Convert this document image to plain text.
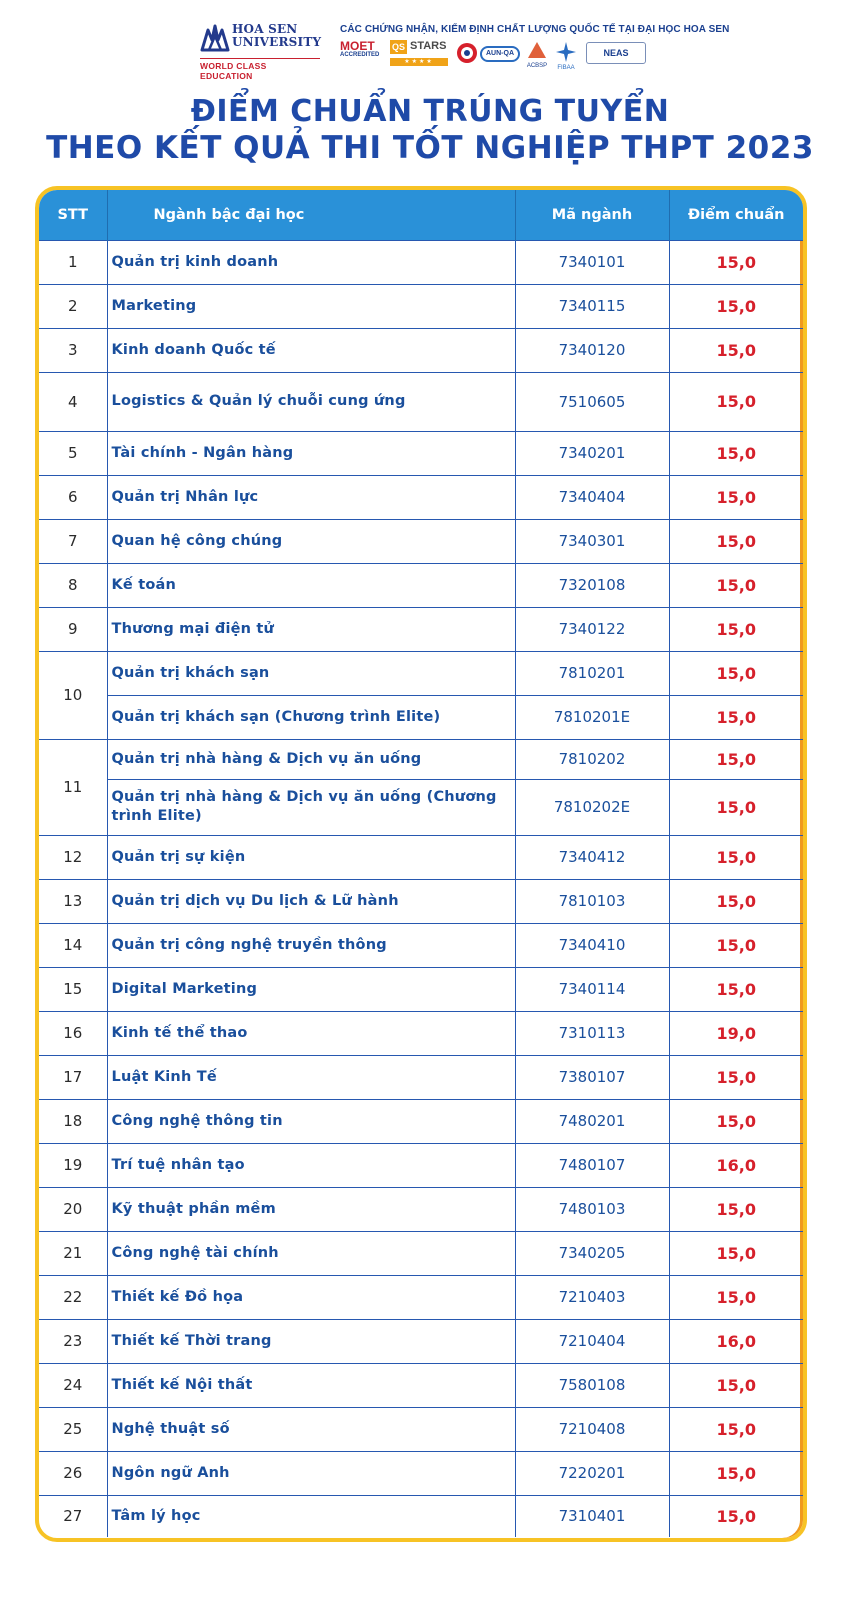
HOA SEN
UNIVERSITY
WORLD CLASS EDUCATION
CÁC CHỨNG NHẬN, KIỂM ĐỊNH CHẤT LƯỢNG QUỐC TẾ TẠI ĐẠI HỌC HOA SEN
MOET
ACCREDITED
QS STARS
★★★★
AUN-QA
ACBSP FIBAA
NEAS
ĐIỂM CHUẨN TRÚNG TUYỂN
THEO KẾT QUẢ THI TỐT NGHIỆP THPT 2023
STT	Ngành bậc đại học	Mã ngành	Điểm chuẩn
1	Quản trị kinh doanh	7340101	15,0
2	Marketing	7340115	15,0
3	Kinh doanh Quốc tế	7340120	15,0
4	Logistics & Quản lý chuỗi cung ứng	7510605	15,0
5	Tài chính - Ngân hàng	7340201	15,0
6	Quản trị Nhân lực	7340404	15,0
7	Quan hệ công chúng	7340301	15,0
8	Kế toán	7320108	15,0
9	Thương mại điện tử	7340122	15,0
10	Quản trị khách sạn	7810201	15,0
	Quản trị khách sạn (Chương trình Elite)	7810201E	15,0
11	Quản trị nhà hàng & Dịch vụ ăn uống	7810202	15,0
	Quản trị nhà hàng & Dịch vụ ăn uống (Chương trình Elite)	7810202E	15,0
12	Quản trị sự kiện	7340412	15,0
13	Quản trị dịch vụ Du lịch & Lữ hành	7810103	15,0
14	Quản trị công nghệ truyền thông	7340410	15,0
15	Digital Marketing	7340114	15,0
16	Kinh tế thể thao	7310113	19,0
17	Luật Kinh Tế	7380107	15,0
18	Công nghệ thông tin	7480201	15,0
19	Trí tuệ nhân tạo	7480107	16,0
20	Kỹ thuật phần mềm	7480103	15,0
21	Công nghệ tài chính	7340205	15,0
22	Thiết kế Đồ họa	7210403	15,0
23	Thiết kế Thời trang	7210404	16,0
24	Thiết kế Nội thất	7580108	15,0
25	Nghệ thuật số	7210408	15,0
26	Ngôn ngữ Anh	7220201	15,0
27	Tâm lý học	7310401	15,0
